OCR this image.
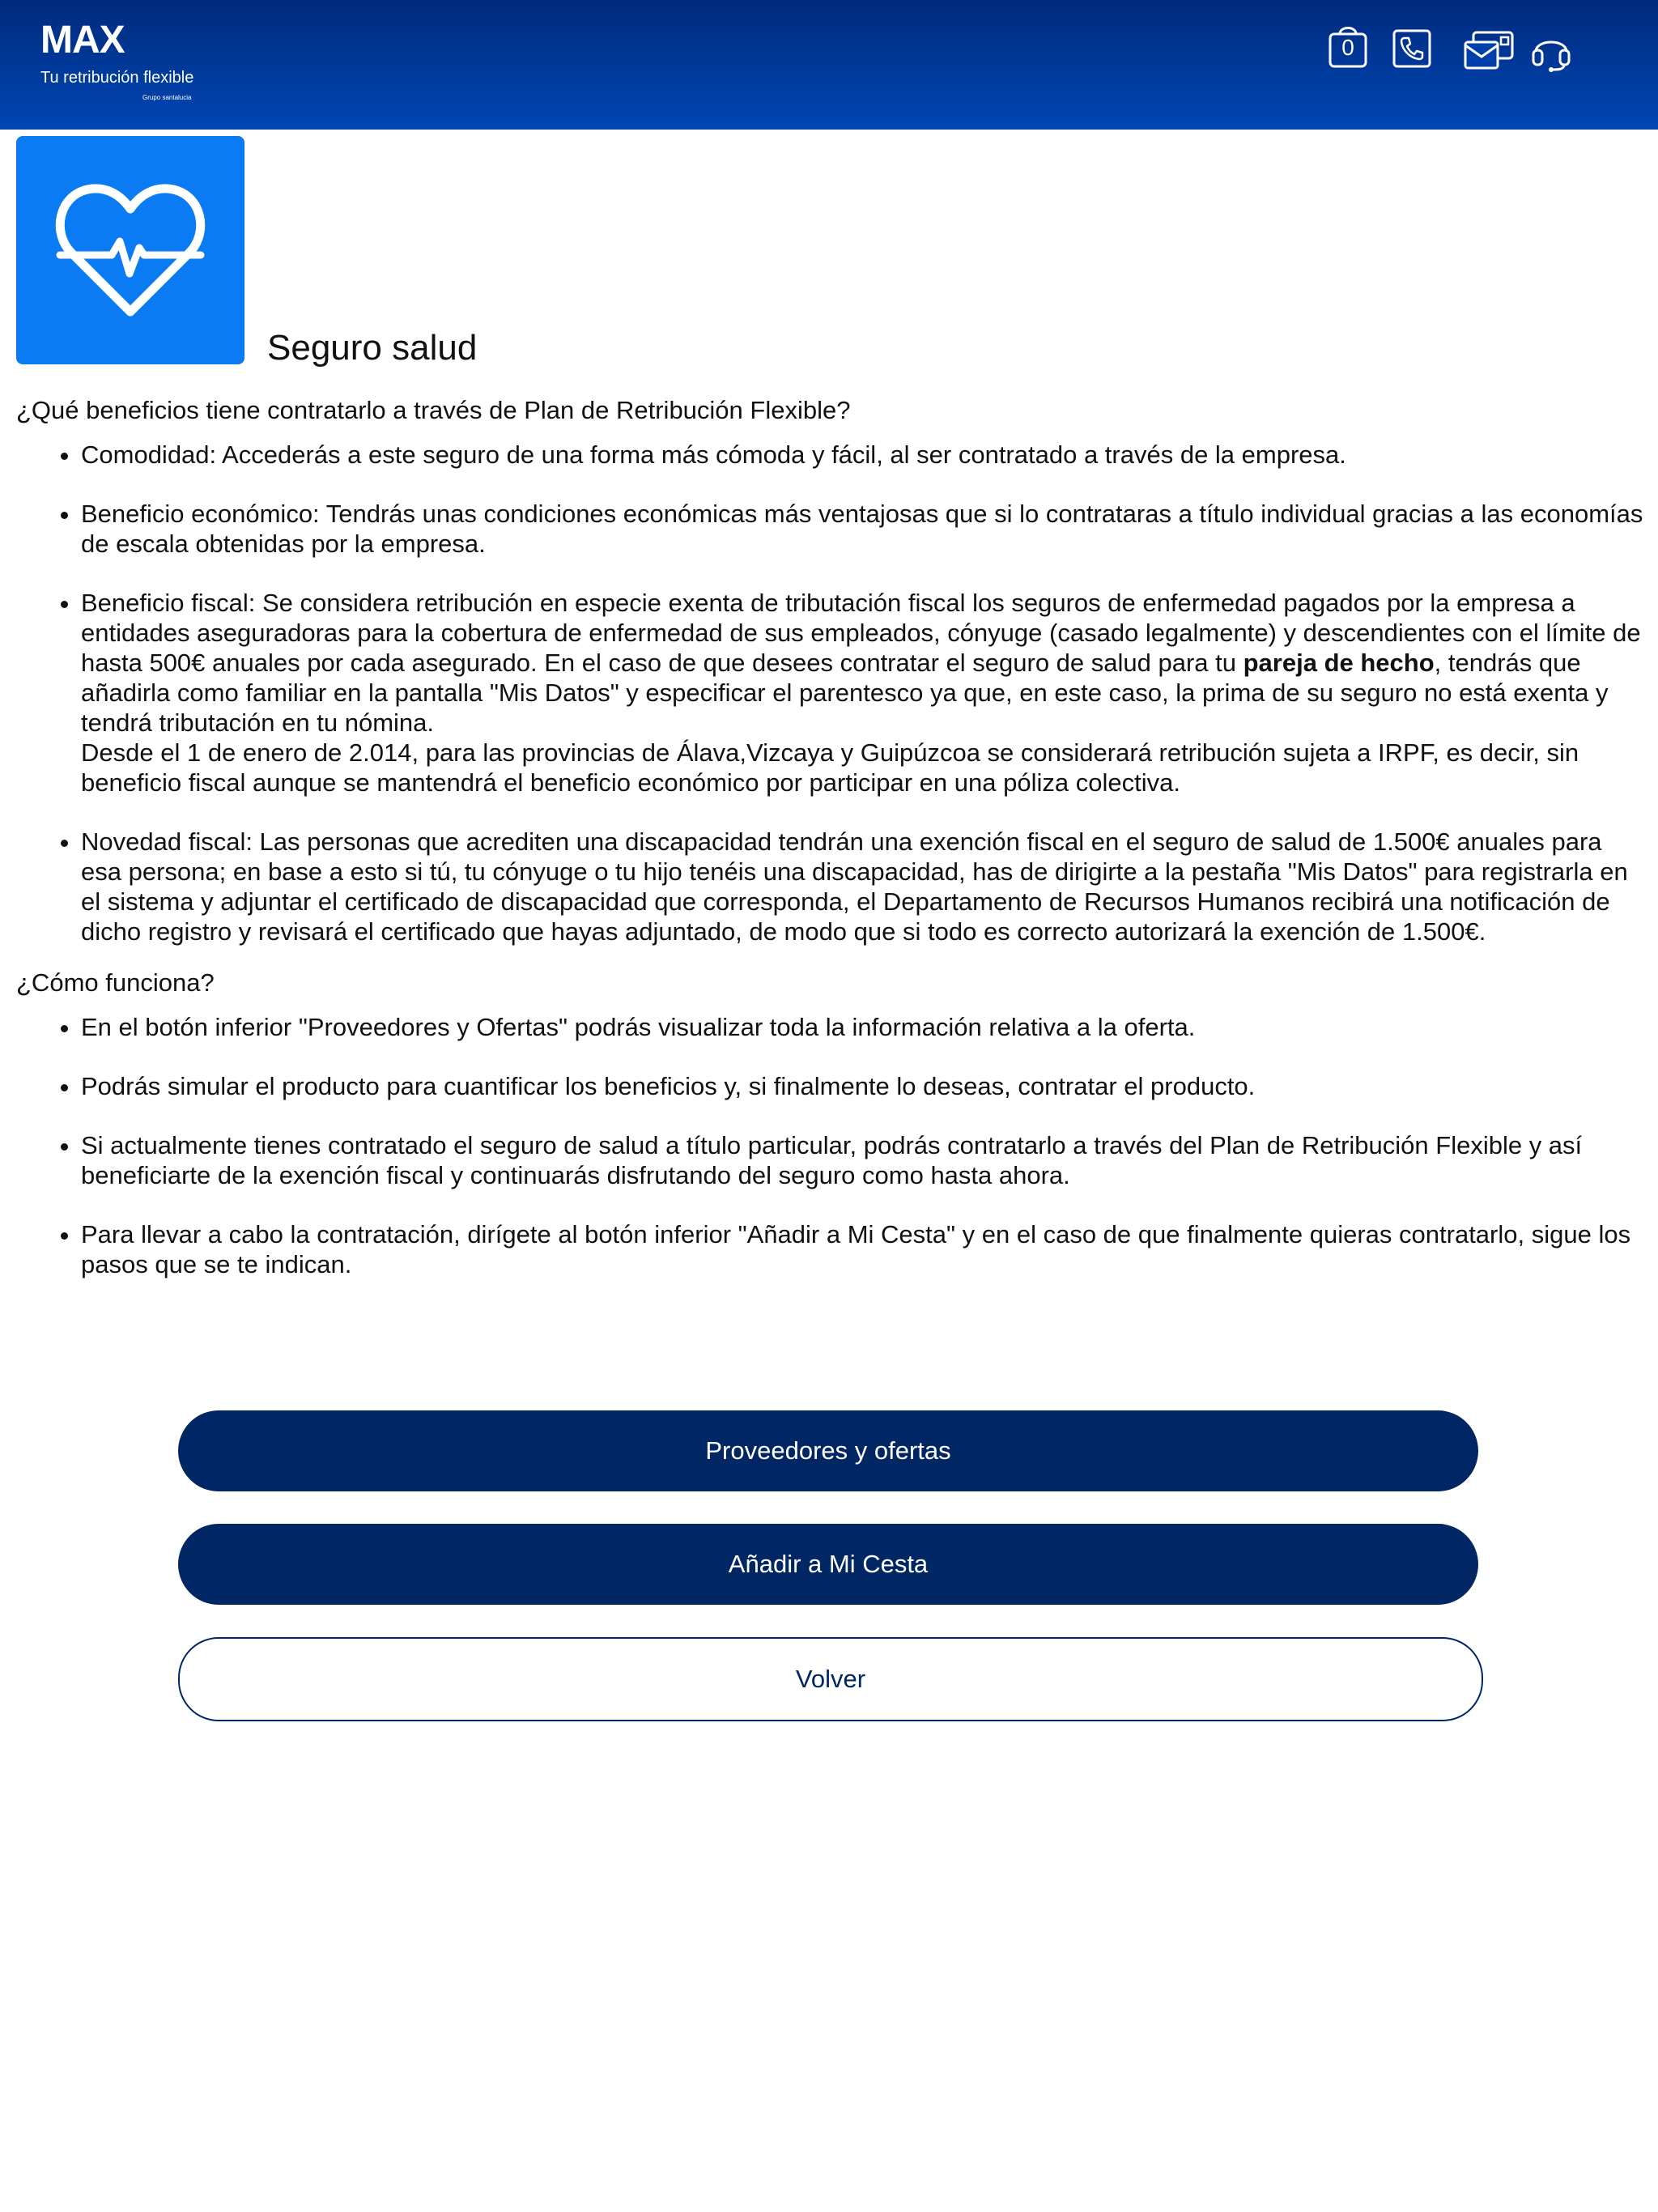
MAX
Tu retribución flexible
Grupo santalucia
0
Seguro salud

¿Qué beneficios tiene contratarlo a través de Plan de Retribución Flexible?

• Comodidad: Accederás a este seguro de una forma más cómoda y fácil, al ser contratado a través de la empresa.
• Beneficio económico: Tendrás unas condiciones económicas más ventajosas que si lo contrataras a título individual gracias a las economías de escala obtenidas por la empresa.
• Beneficio fiscal: Se considera retribución en especie exenta de tributación fiscal los seguros de enfermedad pagados por la empresa a entidades aseguradoras para la cobertura de enfermedad de sus empleados, cónyuge (casado legalmente) y descendientes con el límite de hasta 500€ anuales por cada asegurado. En el caso de que desees contratar el seguro de salud para tu pareja de hecho, tendrás que añadirla como familiar en la pantalla "Mis Datos" y especificar el parentesco ya que, en este caso, la prima de su seguro no está exenta y tendrá tributación en tu nómina.
Desde el 1 de enero de 2.014, para las provincias de Álava,Vizcaya y Guipúzcoa se considerará retribución sujeta a IRPF, es decir, sin beneficio fiscal aunque se mantendrá el beneficio económico por participar en una póliza colectiva.
• Novedad fiscal: Las personas que acrediten una discapacidad tendrán una exención fiscal en el seguro de salud de 1.500€ anuales para esa persona; en base a esto si tú, tu cónyuge o tu hijo tenéis una discapacidad, has de dirigirte a la pestaña "Mis Datos" para registrarla en el sistema y adjuntar el certificado de discapacidad que corresponda, el Departamento de Recursos Humanos recibirá una notificación de dicho registro y revisará el certificado que hayas adjuntado, de modo que si todo es correcto autorizará la exención de 1.500€.

¿Cómo funciona?

• En el botón inferior "Proveedores y Ofertas" podrás visualizar toda la información relativa a la oferta.
• Podrás simular el producto para cuantificar los beneficios y, si finalmente lo deseas, contratar el producto.
• Si actualmente tienes contratado el seguro de salud a título particular, podrás contratarlo a través del Plan de Retribución Flexible y así beneficiarte de la exención fiscal y continuarás disfrutando del seguro como hasta ahora.
• Para llevar a cabo la contratación, dirígete al botón inferior "Añadir a Mi Cesta" y en el caso de que finalmente quieras contratarlo, sigue los pasos que se te indican.
Proveedores y ofertas
Añadir a Mi Cesta
Volver
